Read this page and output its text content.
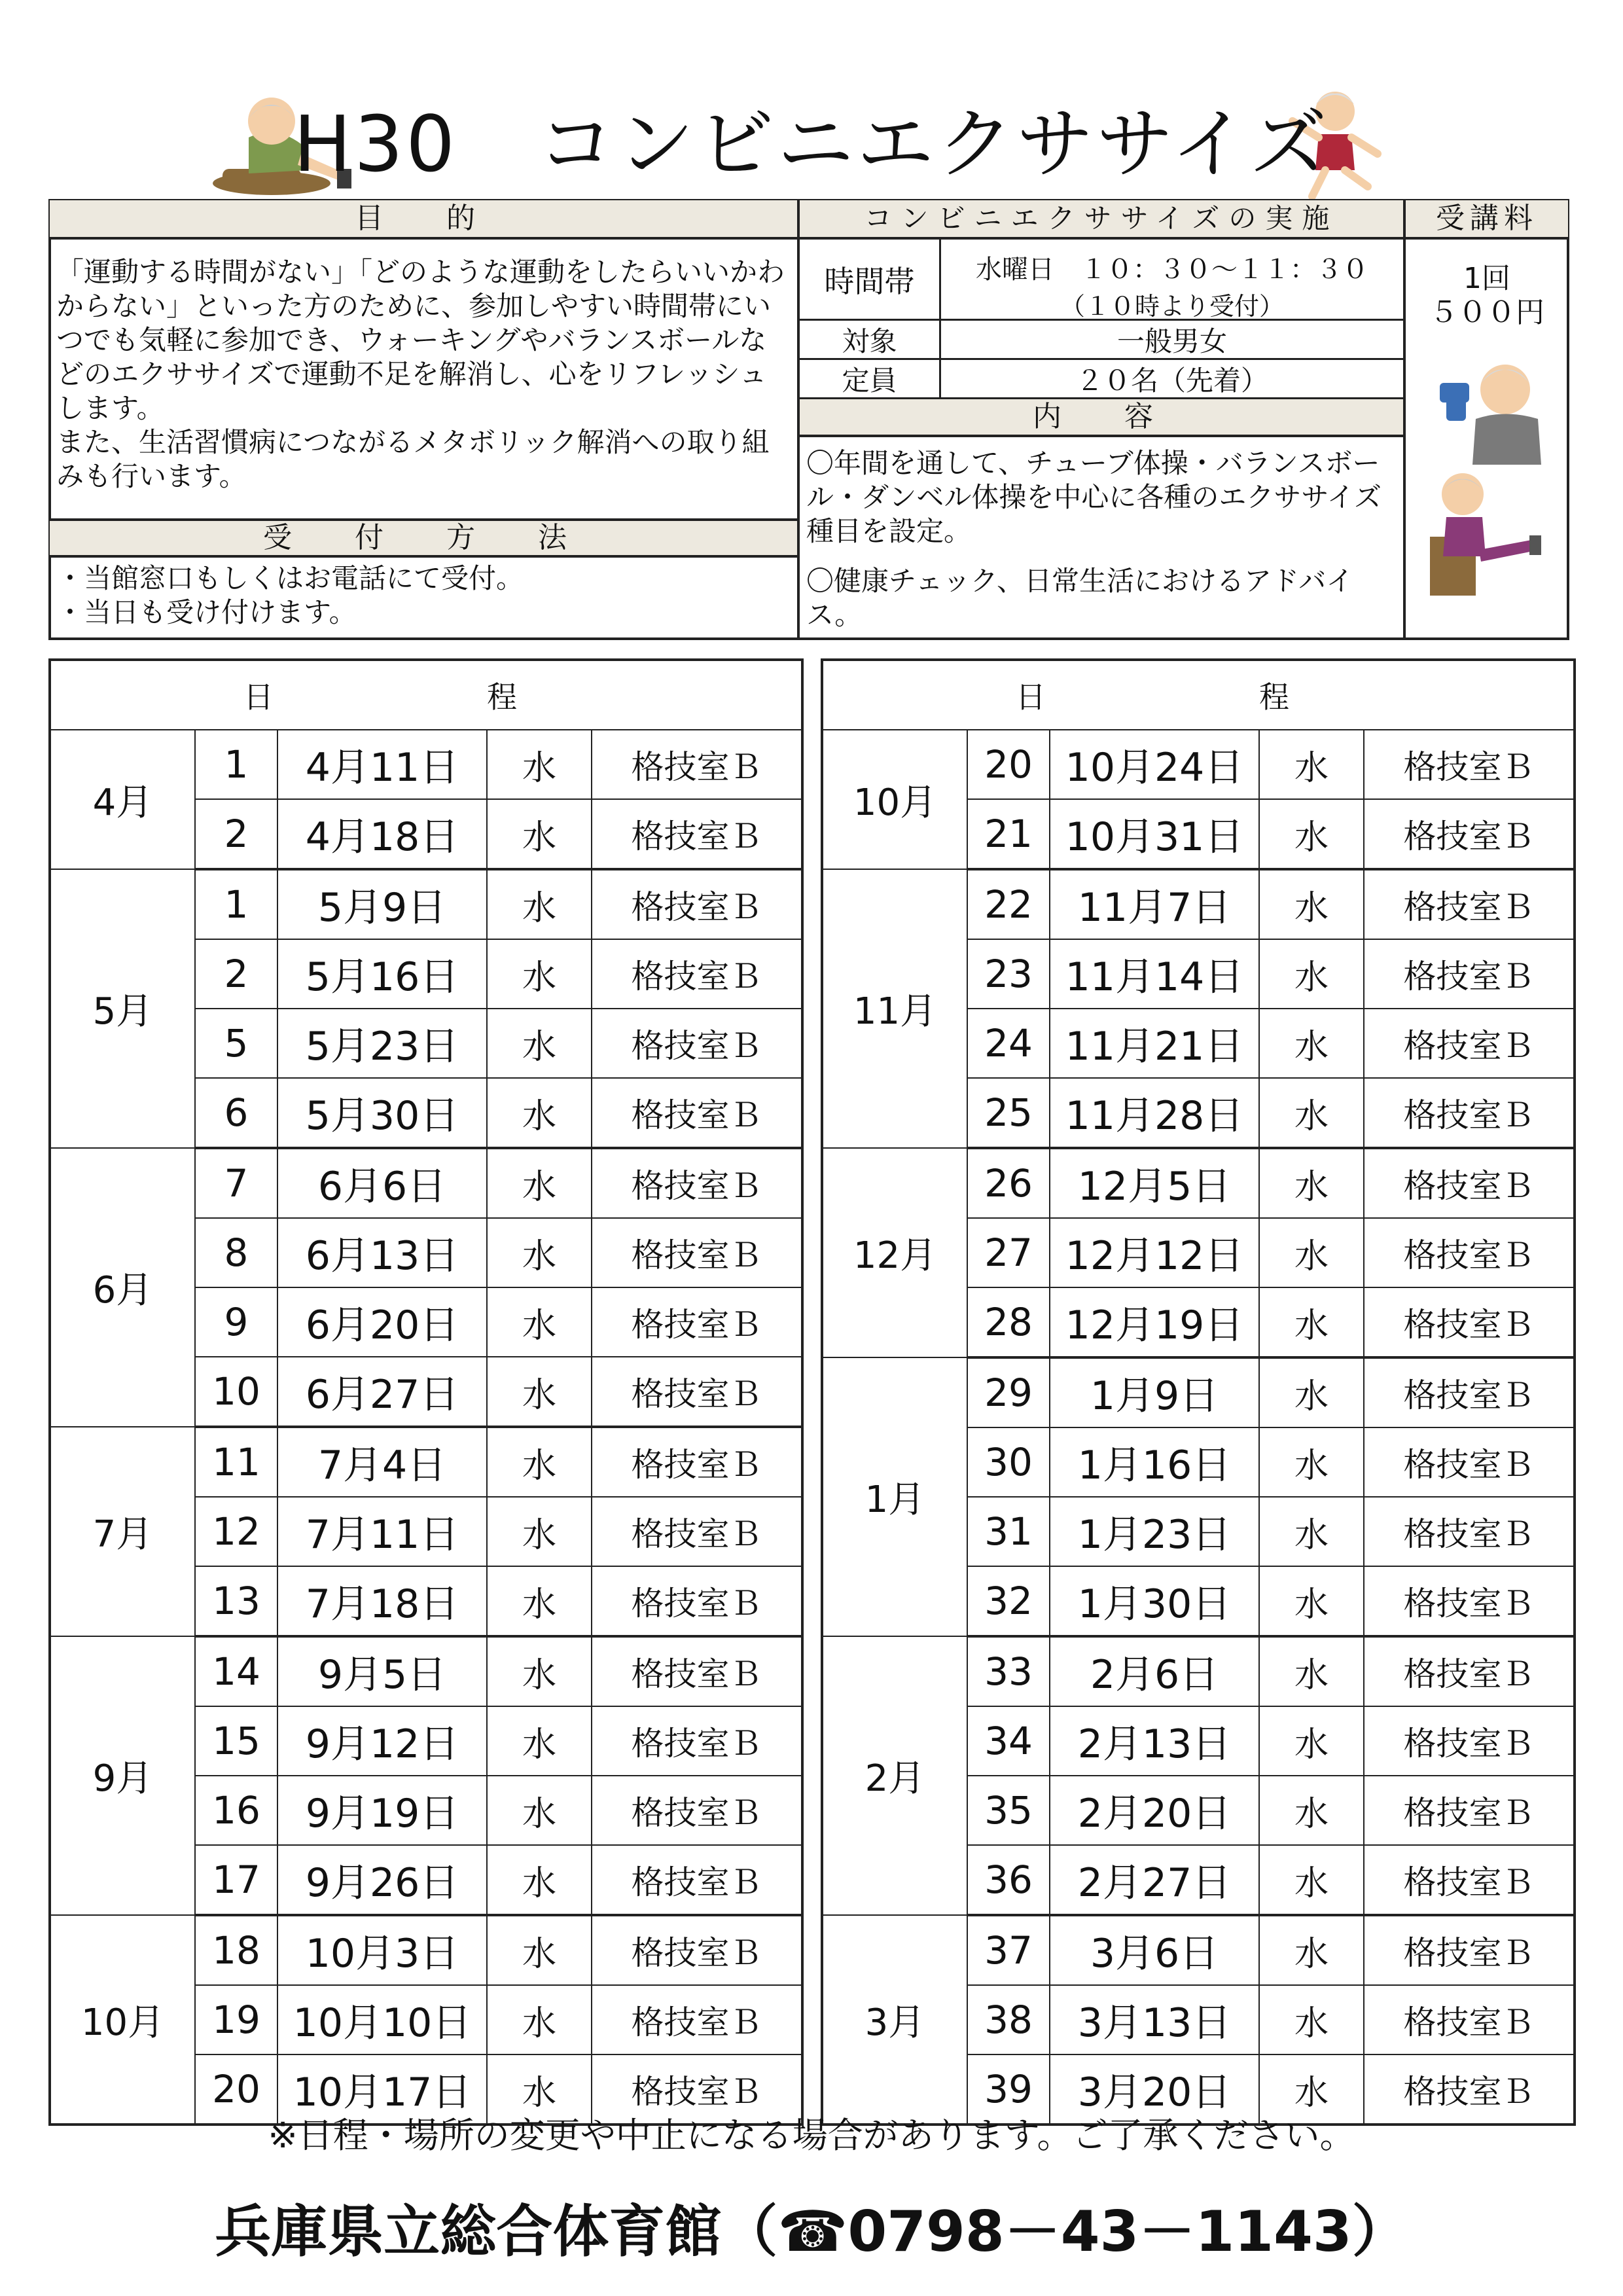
H30　コンビニエクササイズ
目　的
「運動する時間がない」「どのような運動をしたらいいかわからない」といった方のために、参加しやすい時間帯にいつでも気軽に参加でき、ウォーキングやバランスボールなどのエクササイズで運動不足を解消し、心をリフレッシュします。
また、生活習慣病につながるメタボリック解消への取り組みも行います。
受　付　方　法
・当館窓口もしくはお電話にて受付。
・当日も受け付けます。
コンビニエクササイズの実施
時間帯	水曜日　１０：３０～１１：３０
（１０時より受付）
対象	一般男女
定員	２０名（先着）
内　容
〇年間を通して、チューブ体操・バランスボール・ダンベル体操を中心に各種のエクササイズ種目を設定。
〇健康チェック、日常生活におけるアドバイス。
受講料
1回
５００円
日　程				
4月	1	4月11日	水	格技室Ｂ
	2	4月18日	水	格技室Ｂ
5月	1	5月9日	水	格技室Ｂ
	2	5月16日	水	格技室Ｂ
	5	5月23日	水	格技室Ｂ
	6	5月30日	水	格技室Ｂ
6月	7	6月6日	水	格技室Ｂ
	8	6月13日	水	格技室Ｂ
	9	6月20日	水	格技室Ｂ
	10	6月27日	水	格技室Ｂ
7月	11	7月4日	水	格技室Ｂ
	12	7月11日	水	格技室Ｂ
	13	7月18日	水	格技室Ｂ
9月	14	9月5日	水	格技室Ｂ
	15	9月12日	水	格技室Ｂ
	16	9月19日	水	格技室Ｂ
	17	9月26日	水	格技室Ｂ
10月	18	10月3日	水	格技室Ｂ
	19	10月10日	水	格技室Ｂ
	20	10月17日	水	格技室Ｂ
日　程				
10月	20	10月24日	水	格技室Ｂ
	21	10月31日	水	格技室Ｂ
11月	22	11月7日	水	格技室Ｂ
	23	11月14日	水	格技室Ｂ
	24	11月21日	水	格技室Ｂ
	25	11月28日	水	格技室Ｂ
12月	26	12月5日	水	格技室Ｂ
	27	12月12日	水	格技室Ｂ
	28	12月19日	水	格技室Ｂ
1月	29	1月9日	水	格技室Ｂ
	30	1月16日	水	格技室Ｂ
	31	1月23日	水	格技室Ｂ
	32	1月30日	水	格技室Ｂ
2月	33	2月6日	水	格技室Ｂ
	34	2月13日	水	格技室Ｂ
	35	2月20日	水	格技室Ｂ
	36	2月27日	水	格技室Ｂ
3月	37	3月6日	水	格技室Ｂ
	38	3月13日	水	格技室Ｂ
	39	3月20日	水	格技室Ｂ
※日程・場所の変更や中止になる場合があります。ご了承ください。
兵庫県立総合体育館（☎0798－43－1143）
